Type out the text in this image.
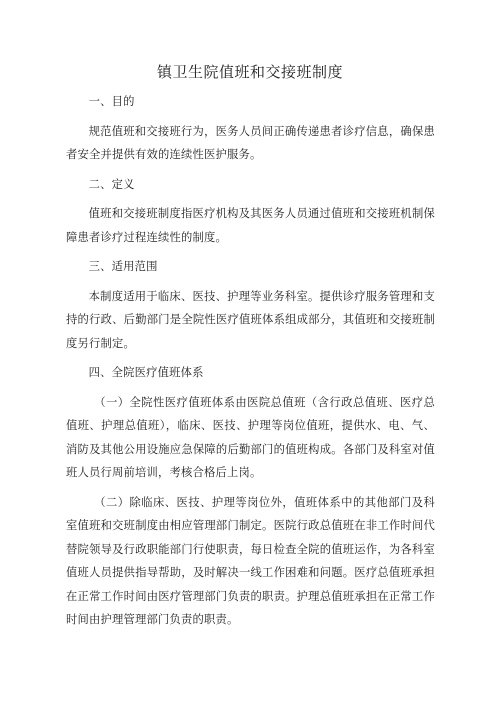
镇卫生院值班和交接班制度

一、目的

规范值班和交接班行为，医务人员间正确传递患者诊疗信息，确保患者安全并提供有效的连续性医护服务。

二、定义

值班和交接班制度指医疗机构及其医务人员通过值班和交接班机制保障患者诊疗过程连续性的制度。

三、适用范围

本制度适用于临床、医技、护理等业务科室。提供诊疗服务管理和支持的行政、后勤部门是全院性医疗值班体系组成部分，其值班和交接班制度另行制定。

四、全院医疗值班体系

（一）全院性医疗值班体系由医院总值班（含行政总值班、医疗总值班、护理总值班），临床、医技、护理等岗位值班，提供水、电、气、消防及其他公用设施应急保障的后勤部门的值班构成。各部门及科室对值班人员行周前培训，考核合格后上岗。

（二）除临床、医技、护理等岗位外，值班体系中的其他部门及科室值班和交班制度由相应管理部门制定。医院行政总值班在非工作时间代替院领导及行政职能部门行使职责，每日检查全院的值班运作，为各科室值班人员提供指导帮助，及时解决一线工作困难和问题。医疗总值班承担在正常工作时间由医疗管理部门负责的职责。护理总值班承担在正常工作时间由护理管理部门负责的职责。
